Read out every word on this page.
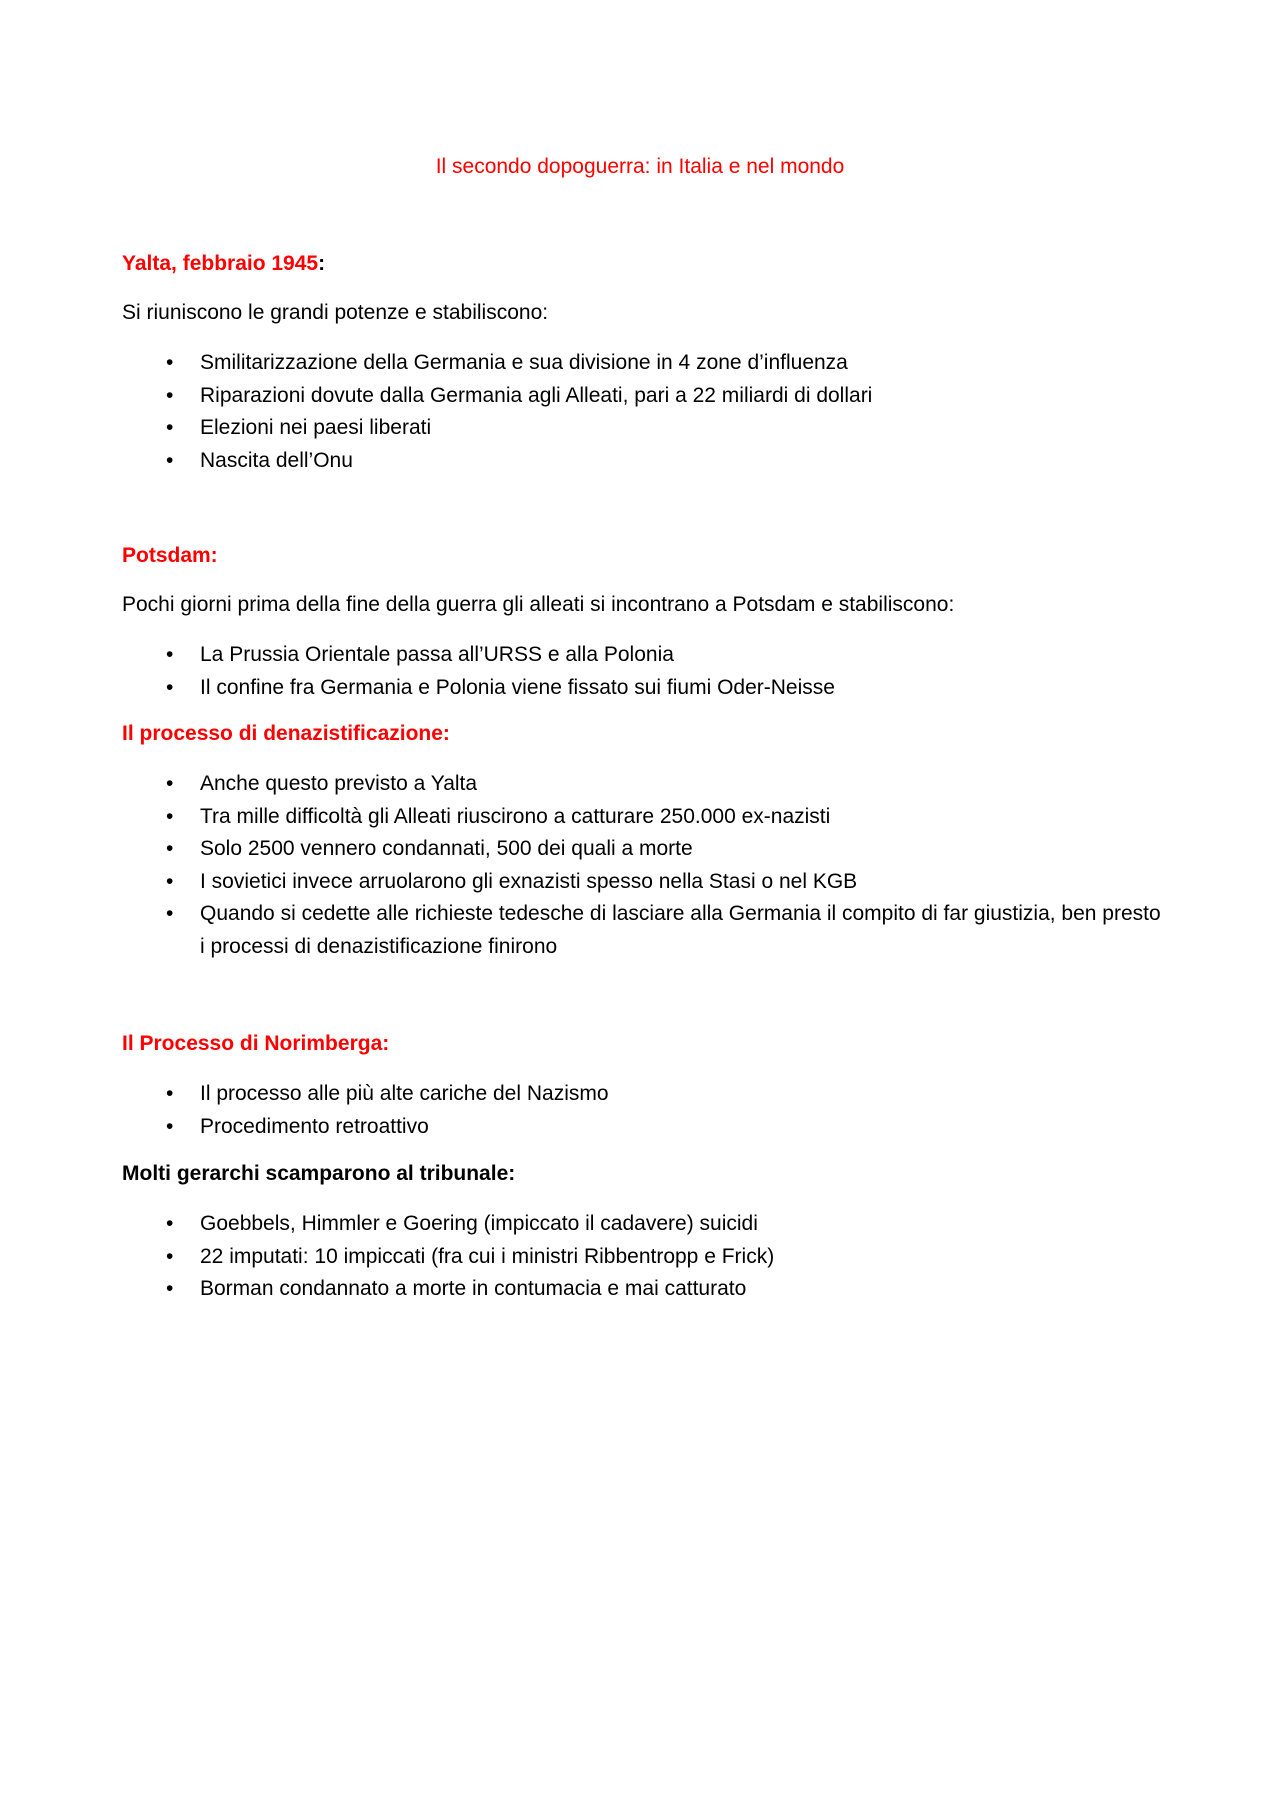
Il secondo dopoguerra: in Italia e nel mondo

Yalta, febbraio 1945:

Si riuniscono le grandi potenze e stabiliscono:

• Smilitarizzazione della Germania e sua divisione in 4 zone d’influenza
• Riparazioni dovute dalla Germania agli Alleati, pari a 22 miliardi di dollari
• Elezioni nei paesi liberati
• Nascita dell’Onu

Potsdam:

Pochi giorni prima della fine della guerra gli alleati si incontrano a Potsdam e stabiliscono:

• La Prussia Orientale passa all’URSS e alla Polonia
• Il confine fra Germania e Polonia viene fissato sui fiumi Oder-Neisse

Il processo di denazistificazione:

• Anche questo previsto a Yalta
• Tra mille difficoltà gli Alleati riuscirono a catturare 250.000 ex-nazisti
• Solo 2500 vennero condannati, 500 dei quali a morte
• I sovietici invece arruolarono gli exnazisti spesso nella Stasi o nel KGB
• Quando si cedette alle richieste tedesche di lasciare alla Germania il compito di far giustizia, ben presto i processi di denazistificazione finirono

Il Processo di Norimberga:

• Il processo alle più alte cariche del Nazismo
• Procedimento retroattivo

Molti gerarchi scamparono al tribunale:

• Goebbels, Himmler e Goering (impiccato il cadavere) suicidi
• 22 imputati: 10 impiccati (fra cui i ministri Ribbentropp e Frick)
• Borman condannato a morte in contumacia e mai catturato
